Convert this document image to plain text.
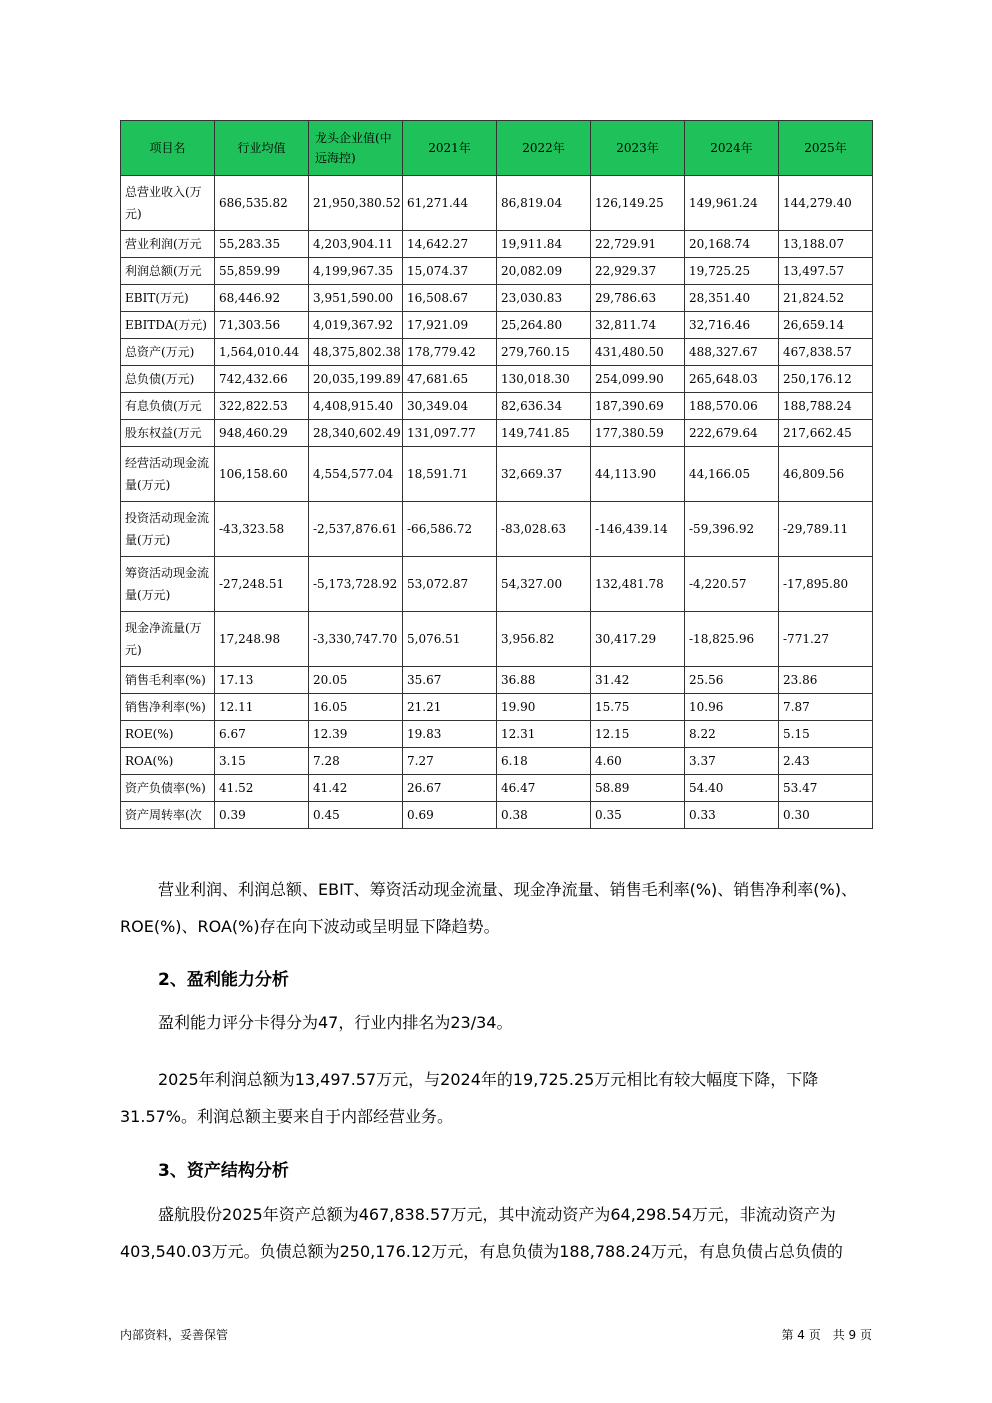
项目名	行业均值	龙头企业值(中远海控)	2021年	2022年	2023年	2024年	2025年
总营业收入(万元)	686,535.82	21,950,380.52	61,271.44	86,819.04	126,149.25	149,961.24	144,279.40
营业利润(万元	55,283.35	4,203,904.11	14,642.27	19,911.84	22,729.91	20,168.74	13,188.07
利润总额(万元	55,859.99	4,199,967.35	15,074.37	20,082.09	22,929.37	19,725.25	13,497.57
EBIT(万元)	68,446.92	3,951,590.00	16,508.67	23,030.83	29,786.63	28,351.40	21,824.52
EBITDA(万元)	71,303.56	4,019,367.92	17,921.09	25,264.80	32,811.74	32,716.46	26,659.14
总资产(万元)	1,564,010.44	48,375,802.38	178,779.42	279,760.15	431,480.50	488,327.67	467,838.57
总负债(万元)	742,432.66	20,035,199.89	47,681.65	130,018.30	254,099.90	265,648.03	250,176.12
有息负债(万元	322,822.53	4,408,915.40	30,349.04	82,636.34	187,390.69	188,570.06	188,788.24
股东权益(万元	948,460.29	28,340,602.49	131,097.77	149,741.85	177,380.59	222,679.64	217,662.45
经营活动现金流量(万元)	106,158.60	4,554,577.04	18,591.71	32,669.37	44,113.90	44,166.05	46,809.56
投资活动现金流量(万元)	-43,323.58	-2,537,876.61	-66,586.72	-83,028.63	-146,439.14	-59,396.92	-29,789.11
筹资活动现金流量(万元)	-27,248.51	-5,173,728.92	53,072.87	54,327.00	132,481.78	-4,220.57	-17,895.80
现金净流量(万元)	17,248.98	-3,330,747.70	5,076.51	3,956.82	30,417.29	-18,825.96	-771.27
销售毛利率(%)	17.13	20.05	35.67	36.88	31.42	25.56	23.86
销售净利率(%)	12.11	16.05	21.21	19.90	15.75	10.96	7.87
ROE(%)	6.67	12.39	19.83	12.31	12.15	8.22	5.15
ROA(%)	3.15	7.28	7.27	6.18	4.60	3.37	2.43
资产负债率(%)	41.52	41.42	26.67	46.47	58.89	54.40	53.47
资产周转率(次	0.39	0.45	0.69	0.38	0.35	0.33	0.30

营业利润、利润总额、EBIT、筹资活动现金流量、现金净流量、销售毛利率(%)、销售净利率(%)、ROE(%)、ROA(%)存在向下波动或呈明显下降趋势。

2、盈利能力分析

盈利能力评分卡得分为47，行业内排名为23/34。

2025年利润总额为13,497.57万元，与2024年的19,725.25万元相比有较大幅度下降，下降31.57%。利润总额主要来自于内部经营业务。

3、资产结构分析

盛航股份2025年资产总额为467,838.57万元，其中流动资产为64,298.54万元，非流动资产为403,540.03万元。负债总额为250,176.12万元，有息负债为188,788.24万元，有息负债占总负债的

内部资料，妥善保管	第 4 页　共 9 页
